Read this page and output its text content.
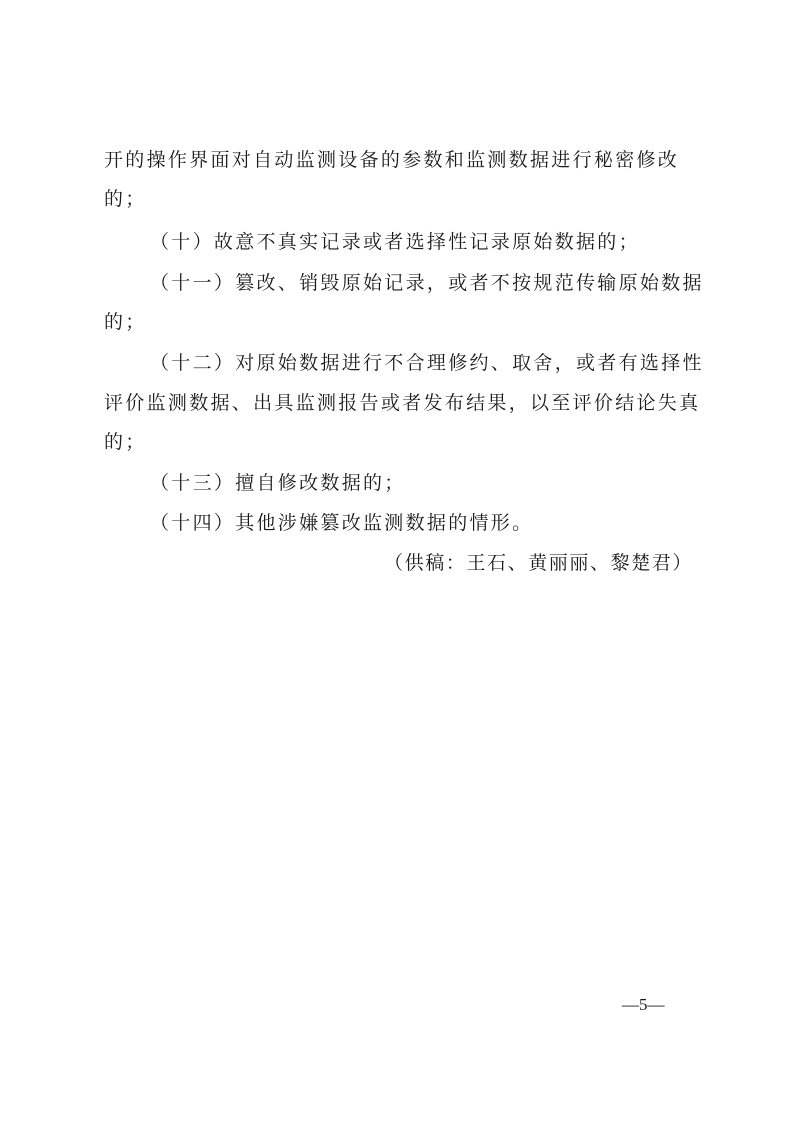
开的操作界面对自动监测设备的参数和监测数据进行秘密修改
的；
（十）故意不真实记录或者选择性记录原始数据的；
（十一）篡改、销毁原始记录，或者不按规范传输原始数据
的；
（十二）对原始数据进行不合理修约、取舍，或者有选择性
评价监测数据、出具监测报告或者发布结果，以至评价结论失真
的；
（十三）擅自修改数据的；
（十四）其他涉嫌篡改监测数据的情形。
（供稿：王石、黄丽丽、黎楚君）
—5—
